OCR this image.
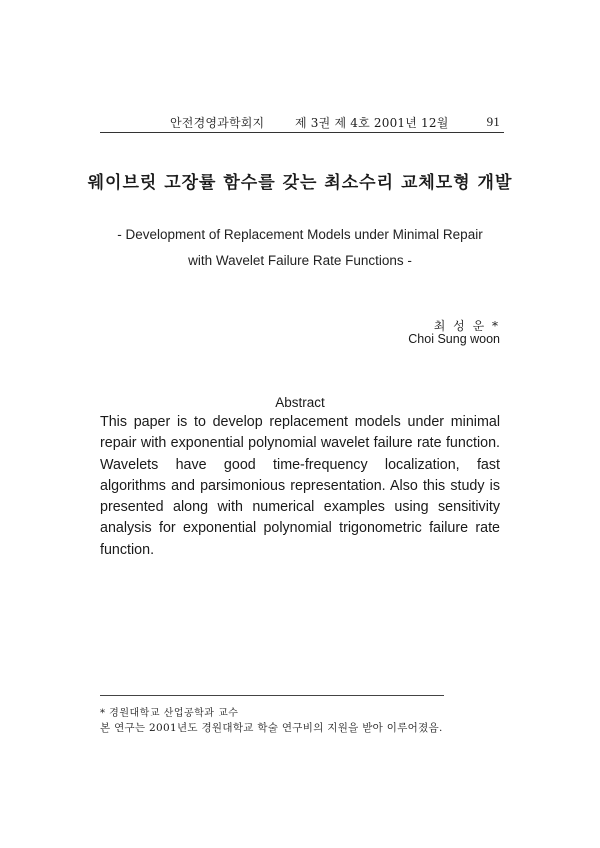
안전경영과학회지	제 3권 제 4호 2001년 12월	91
웨이브릿 고장률 함수를 갖는 최소수리 교체모형 개발
- Development of Replacement Models under Minimal Repair
with Wavelet Failure Rate Functions -
최 성 운 *
Choi Sung woon
Abstract
This paper is to develop replacement models under minimal repair with exponential polynomial wavelet failure rate function. Wavelets have good time-frequency localization, fast algorithms and parsimonious representation. Also this study is presented along with numerical examples using sensitivity analysis for exponential polynomial trigonometric failure rate function.
* 경원대학교 산업공학과 교수
본 연구는 2001년도 경원대학교 학술 연구비의 지원을 받아 이루어졌음.
